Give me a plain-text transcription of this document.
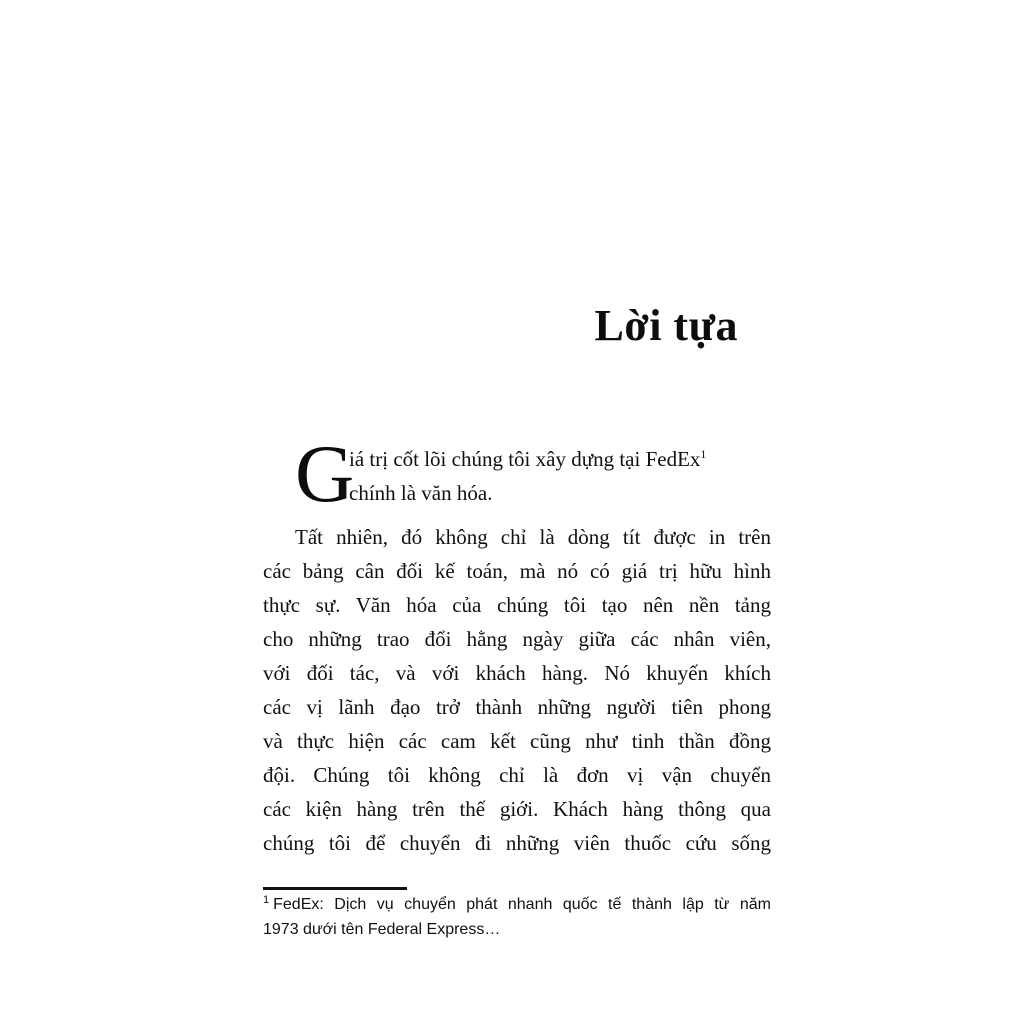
Lời tựa
G
iá trị cốt lõi chúng tôi xây dựng tại FedEx$^1$
chính là văn hóa.
Tất nhiên, đó không chỉ là dòng tít được in trên
các bảng cân đối kế toán, mà nó có giá trị hữu hình
thực sự. Văn hóa của chúng tôi tạo nên nền tảng
cho những trao đổi hằng ngày giữa các nhân viên,
với đối tác, và với khách hàng. Nó khuyến khích
các vị lãnh đạo trở thành những người tiên phong
và thực hiện các cam kết cũng như tinh thần đồng
đội. Chúng tôi không chỉ là đơn vị vận chuyển
các kiện hàng trên thế giới. Khách hàng thông qua
chúng tôi để chuyển đi những viên thuốc cứu sống
$^1$ FedEx: Dịch vụ chuyển phát nhanh quốc tế thành lập từ năm
1973 dưới tên Federal Express…
